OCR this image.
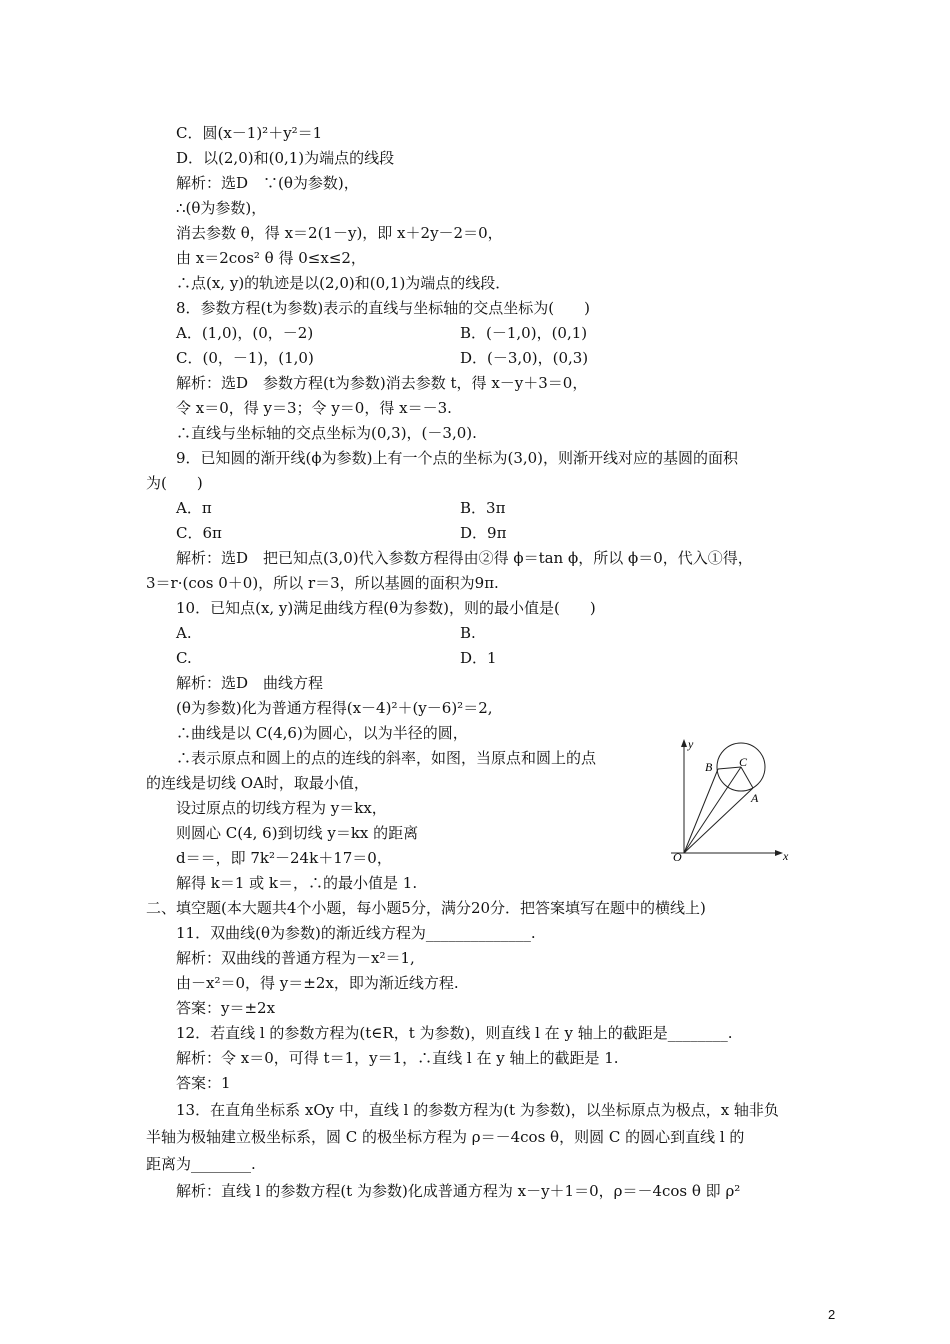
C．圆(x－1)²＋y²＝1
D．以(2,0)和(0,1)为端点的线段
解析：选D　∵(θ为参数)，
∴(θ为参数)，
消去参数 θ，得 x＝2(1－y)，即 x＋2y－2＝0，
由 x＝2cos² θ 得 0≤x≤2，
∴点(x, y)的轨迹是以(2,0)和(0,1)为端点的线段．
8．参数方程(t为参数)表示的直线与坐标轴的交点坐标为(　　)
A．(1,0)，(0，－2)	B．(－1,0)，(0,1)
C．(0，－1)，(1,0)	D．(－3,0)，(0,3)
解析：选D　参数方程(t为参数)消去参数 t，得 x－y＋3＝0，
令 x＝0，得 y＝3；令 y＝0，得 x＝－3.
∴直线与坐标轴的交点坐标为(0,3)，(－3,0).
9．已知圆的渐开线(ϕ为参数)上有一个点的坐标为(3,0)，则渐开线对应的基圆的面积
为(　　)
A．π	B．3π
C．6π	D．9π
解析：选D　把已知点(3,0)代入参数方程得由②得 ϕ＝tan ϕ，所以 ϕ＝0，代入①得，
3＝r·(cos 0＋0)，所以 r＝3，所以基圆的面积为9π.
10．已知点(x, y)满足曲线方程(θ为参数)，则的最小值是(　　)
A.	B.
C.	D．1
解析：选D　曲线方程
(θ为参数)化为普通方程得(x－4)²＋(y－6)²＝2,
∴曲线是以 C(4,6)为圆心，以为半径的圆，
∴表示原点和圆上的点的连线的斜率，如图，当原点和圆上的点
的连线是切线 OA时，取最小值，
设过原点的切线方程为 y＝kx，
则圆心 C(4, 6)到切线 y＝kx 的距离
d＝＝，即 7k²－24k＋17＝0，
解得 k＝1 或 k＝，∴的最小值是 1.
y
x
O
B C
A
二、填空题(本大题共4个小题，每小题5分，满分20分．把答案填写在题中的横线上)
11．双曲线(θ为参数)的渐近线方程为______________.
解析：双曲线的普通方程为－x²＝1,
由－x²＝0，得 y＝±2x，即为渐近线方程.
答案：y＝±2x
12．若直线 l 的参数方程为(t∈R，t 为参数)，则直线 l 在 y 轴上的截距是________.
解析：令 x＝0，可得 t＝1，y＝1，∴直线 l 在 y 轴上的截距是 1.
答案：1
13．在直角坐标系 xOy 中，直线 l 的参数方程为(t 为参数)，以坐标原点为极点，x 轴非负
半轴为极轴建立极坐标系，圆 C 的极坐标方程为 ρ＝－4cos θ，则圆 C 的圆心到直线 l 的
距离为________.
解析：直线 l 的参数方程(t 为参数)化成普通方程为 x－y＋1＝0，ρ＝－4cos θ 即 ρ²
2
